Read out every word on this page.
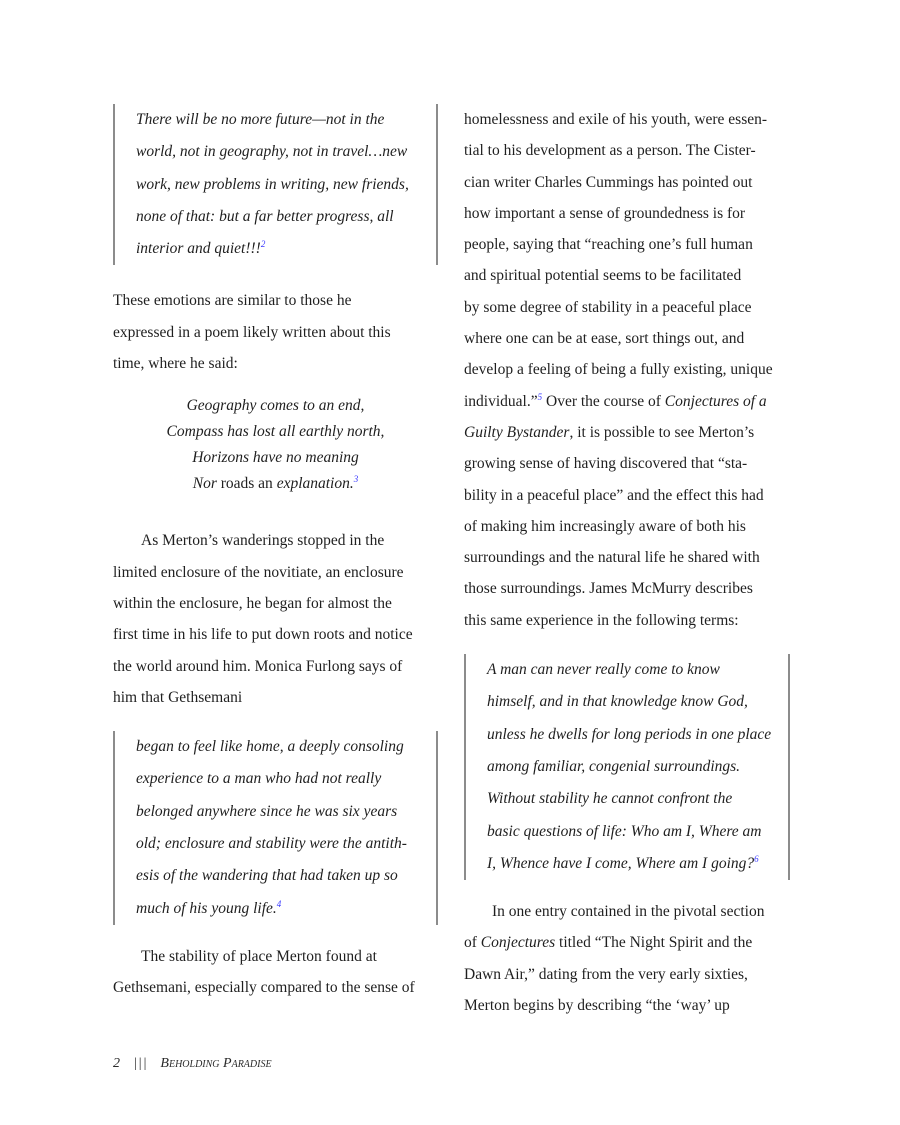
There will be no more future—not in the
world, not in geography, not in travel…new
work, new problems in writing, new friends,
none of that: but a far better progress, all
interior and quiet!!!$^2$
These emotions are similar to those he
expressed in a poem likely written about this
time, where he said:
Geography comes to an end,
Compass has lost all earthly north,
Horizons have no meaning
Nor roads an explanation.$^3$
As Merton’s wanderings stopped in the
limited enclosure of the novitiate, an enclosure
within the enclosure, he began for almost the
first time in his life to put down roots and notice
the world around him. Monica Furlong says of
him that Gethsemani
began to feel like home, a deeply consoling
experience to a man who had not really
belonged anywhere since he was six years
old; enclosure and stability were the antith-
esis of the wandering that had taken up so
much of his young life.$^4$
The stability of place Merton found at
Gethsemani, especially compared to the sense of
homelessness and exile of his youth, were essen-
tial to his development as a person. The Cister-
cian writer Charles Cummings has pointed out
how important a sense of groundedness is for
people, saying that “reaching one’s full human
and spiritual potential seems to be facilitated
by some degree of stability in a peaceful place
where one can be at ease, sort things out, and
develop a feeling of being a fully existing, unique
individual.”$^5$ Over the course of Conjectures of a
Guilty Bystander, it is possible to see Merton’s
growing sense of having discovered that “sta-
bility in a peaceful place” and the effect this had
of making him increasingly aware of both his
surroundings and the natural life he shared with
those surroundings. James McMurry describes
this same experience in the following terms:
A man can never really come to know
himself, and in that knowledge know God,
unless he dwells for long periods in one place
among familiar, congenial surroundings.
Without stability he cannot confront the
basic questions of life: Who am I, Where am
I, Whence have I come, Where am I going?$^6$
In one entry contained in the pivotal section
of Conjectures titled “The Night Spirit and the
Dawn Air,” dating from the very early sixties,
Merton begins by describing “the ‘way’ up
2 ||| Beholding Paradise
